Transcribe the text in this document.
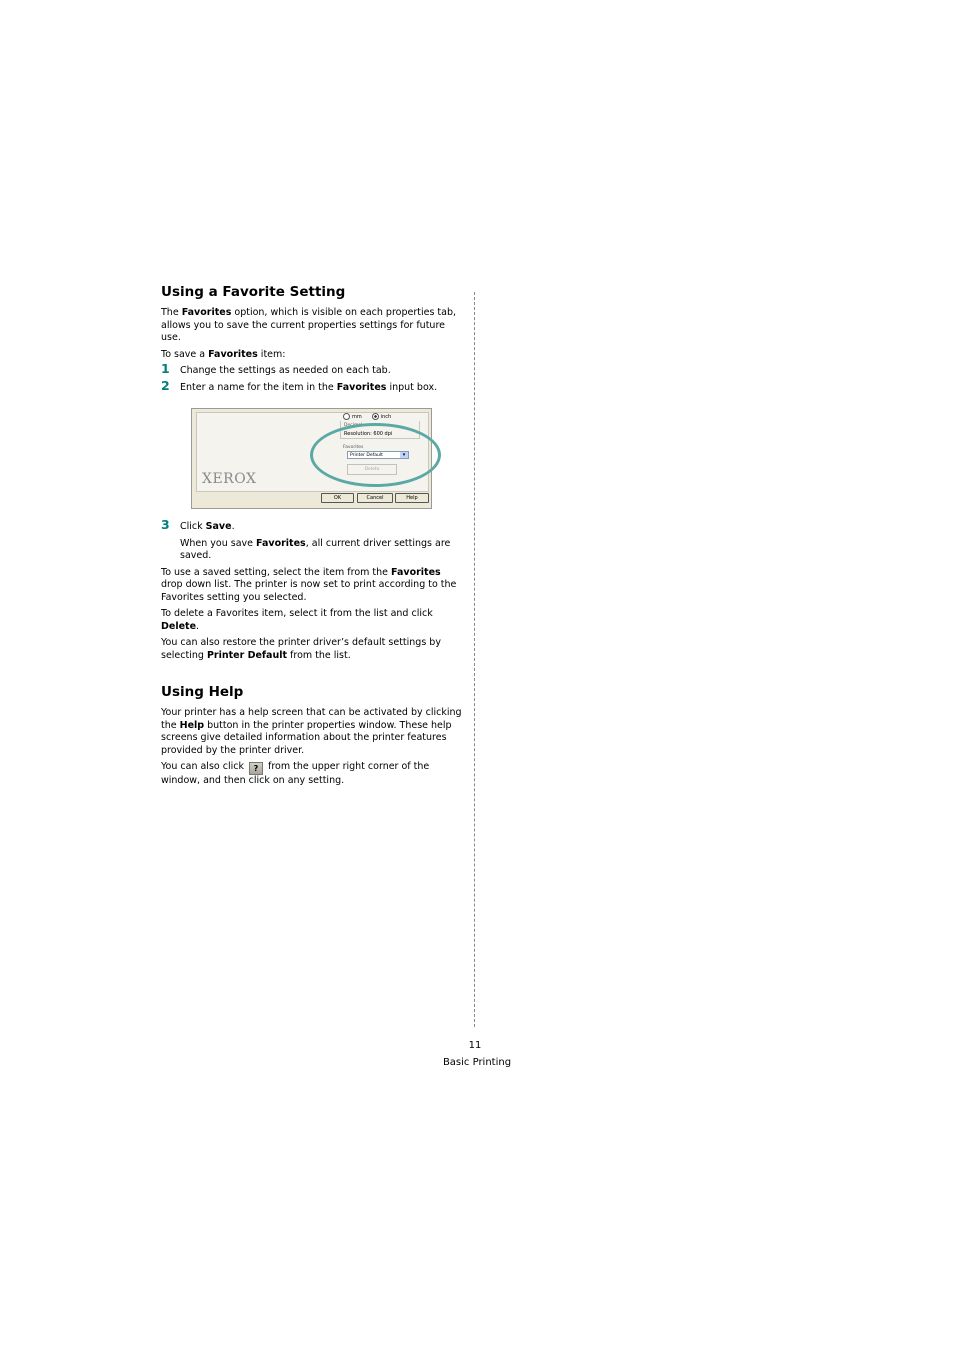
Using a Favorite Setting

The Favorites option, which is visible on each properties tab, allows you to save the current properties settings for future use.

To save a Favorites item:

1 Change the settings as needed on each tab.
2 Enter a name for the item in the Favorites input box.
mm	inch
Decimal
Resolution: 600 dpi
Favorites
Printer Default	▾
Delete
XEROX
OK	Cancel	Help
3 Click Save.

When you save Favorites, all current driver settings are saved.

To use a saved setting, select the item from the Favorites drop down list. The printer is now set to print according to the Favorites setting you selected.

To delete a Favorites item, select it from the list and click Delete.

You can also restore the printer driver’s default settings by selecting Printer Default from the list.

Using Help

Your printer has a help screen that can be activated by clicking the Help button in the printer properties window. These help screens give detailed information about the printer features provided by the printer driver.

You can also click ? from the upper right corner of the window, and then click on any setting.

11
Basic Printing
